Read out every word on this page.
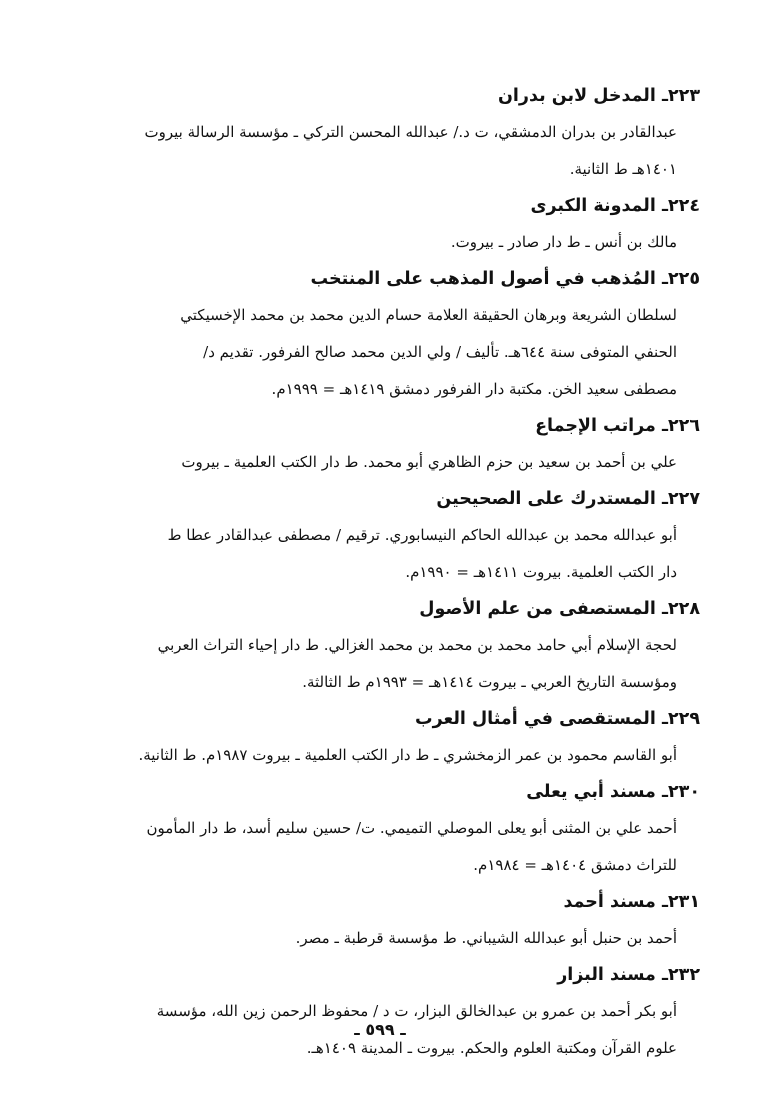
٢٢٣ـ المدخل لابن بدران
عبدالقادر بن بدران الدمشقي، ت د./ عبدالله المحسن التركي ـ مؤسسة الرسالة بيروت
١٤٠١هـ ط الثانية.
٢٢٤ـ المدونة الكبرى
مالك بن أنس ـ ط دار صادر ـ بيروت.
٢٢٥ـ المُذهب في أصول المذهب على المنتخب
لسلطان الشريعة وبرهان الحقيقة العلامة حسام الدين محمد بن محمد الإخسيكتي
الحنفي المتوفى سنة ٦٤٤هـ. تأليف / ولي الدين محمد صالح الفرفور. تقديم د/
مصطفى سعيد الخن. مكتبة دار الفرفور دمشق ١٤١٩هـ = ١٩٩٩م.
٢٢٦ـ مراتب الإجماع
علي بن أحمد بن سعيد بن حزم الظاهري أبو محمد. ط دار الكتب العلمية ـ بيروت
٢٢٧ـ المستدرك على الصحيحين
أبو عبدالله محمد بن عبدالله الحاكم النيسابوري. ترقيم / مصطفى عبدالقادر عطا ط
دار الكتب العلمية. بيروت ١٤١١هـ = ١٩٩٠م.
٢٢٨ـ المستصفى من علم الأصول
لحجة الإسلام أبي حامد محمد بن محمد بن محمد الغزالي. ط دار إحياء التراث العربي
ومؤسسة التاريخ العربي ـ بيروت ١٤١٤هـ = ١٩٩٣م ط الثالثة.
٢٢٩ـ المستقصى في أمثال العرب
أبو القاسم محمود بن عمر الزمخشري ـ ط دار الكتب العلمية ـ بيروت ١٩٨٧م. ط الثانية.
٢٣٠ـ مسند أبي يعلى
أحمد علي بن المثنى أبو يعلى الموصلي التميمي. ت/ حسين سليم أسد، ط دار المأمون
للتراث دمشق ١٤٠٤هـ = ١٩٨٤م.
٢٣١ـ مسند أحمد
أحمد بن حنبل أبو عبدالله الشيباني. ط مؤسسة قرطبة ـ مصر.
٢٣٢ـ مسند البزار
أبو بكر أحمد بن عمرو بن عبدالخالق البزار، ت د / محفوظ الرحمن زين الله، مؤسسة
علوم القرآن ومكتبة العلوم والحكم. بيروت ـ المدينة ١٤٠٩هـ.
ـ ٥٩٩ ـ
